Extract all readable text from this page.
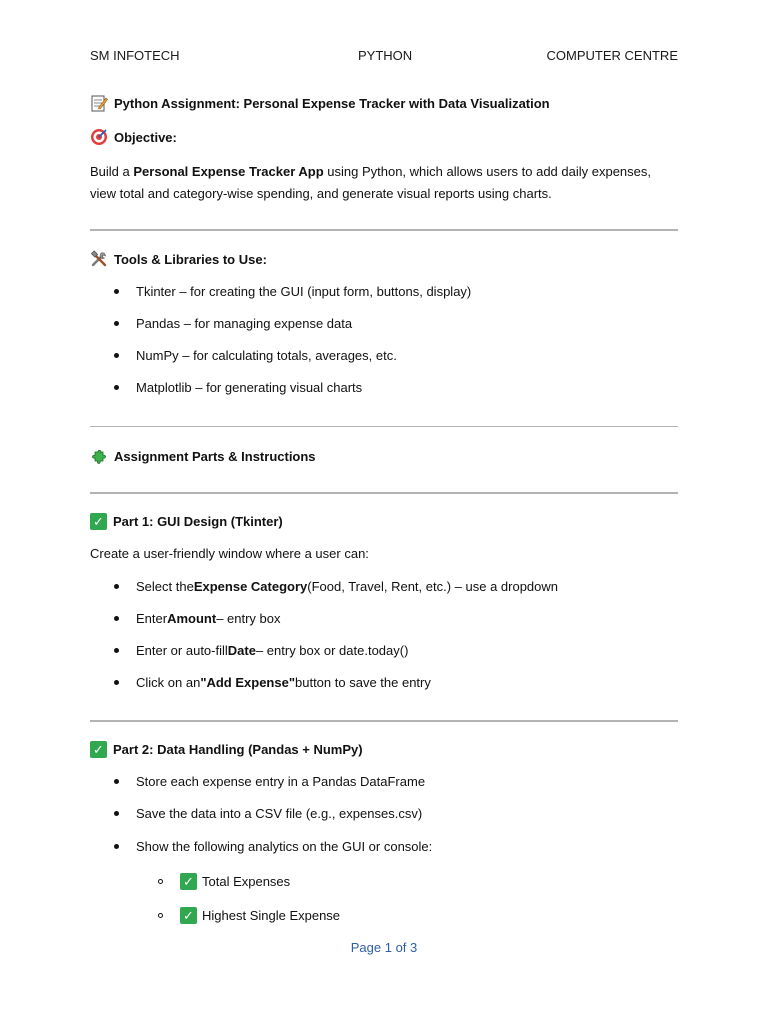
SM INFOTECH	PYTHON	COMPUTER CENTRE
Python Assignment: Personal Expense Tracker with Data Visualization
Objective:
Build a Personal Expense Tracker App using Python, which allows users to add daily expenses, view total and category-wise spending, and generate visual reports using charts.
Tools & Libraries to Use:
Tkinter – for creating the GUI (input form, buttons, display)
Pandas – for managing expense data
NumPy – for calculating totals, averages, etc.
Matplotlib – for generating visual charts
Assignment Parts & Instructions
✓ Part 1: GUI Design (Tkinter)
Create a user-friendly window where a user can:
Select the Expense Category (Food, Travel, Rent, etc.) – use a dropdown
Enter Amount – entry box
Enter or auto-fill Date – entry box or date.today()
Click on an "Add Expense" button to save the entry
✓ Part 2: Data Handling (Pandas + NumPy)
Store each expense entry in a Pandas DataFrame
Save the data into a CSV file (e.g., expenses.csv)
Show the following analytics on the GUI or console:
✓ Total Expenses
✓ Highest Single Expense
Page 1 of 3
